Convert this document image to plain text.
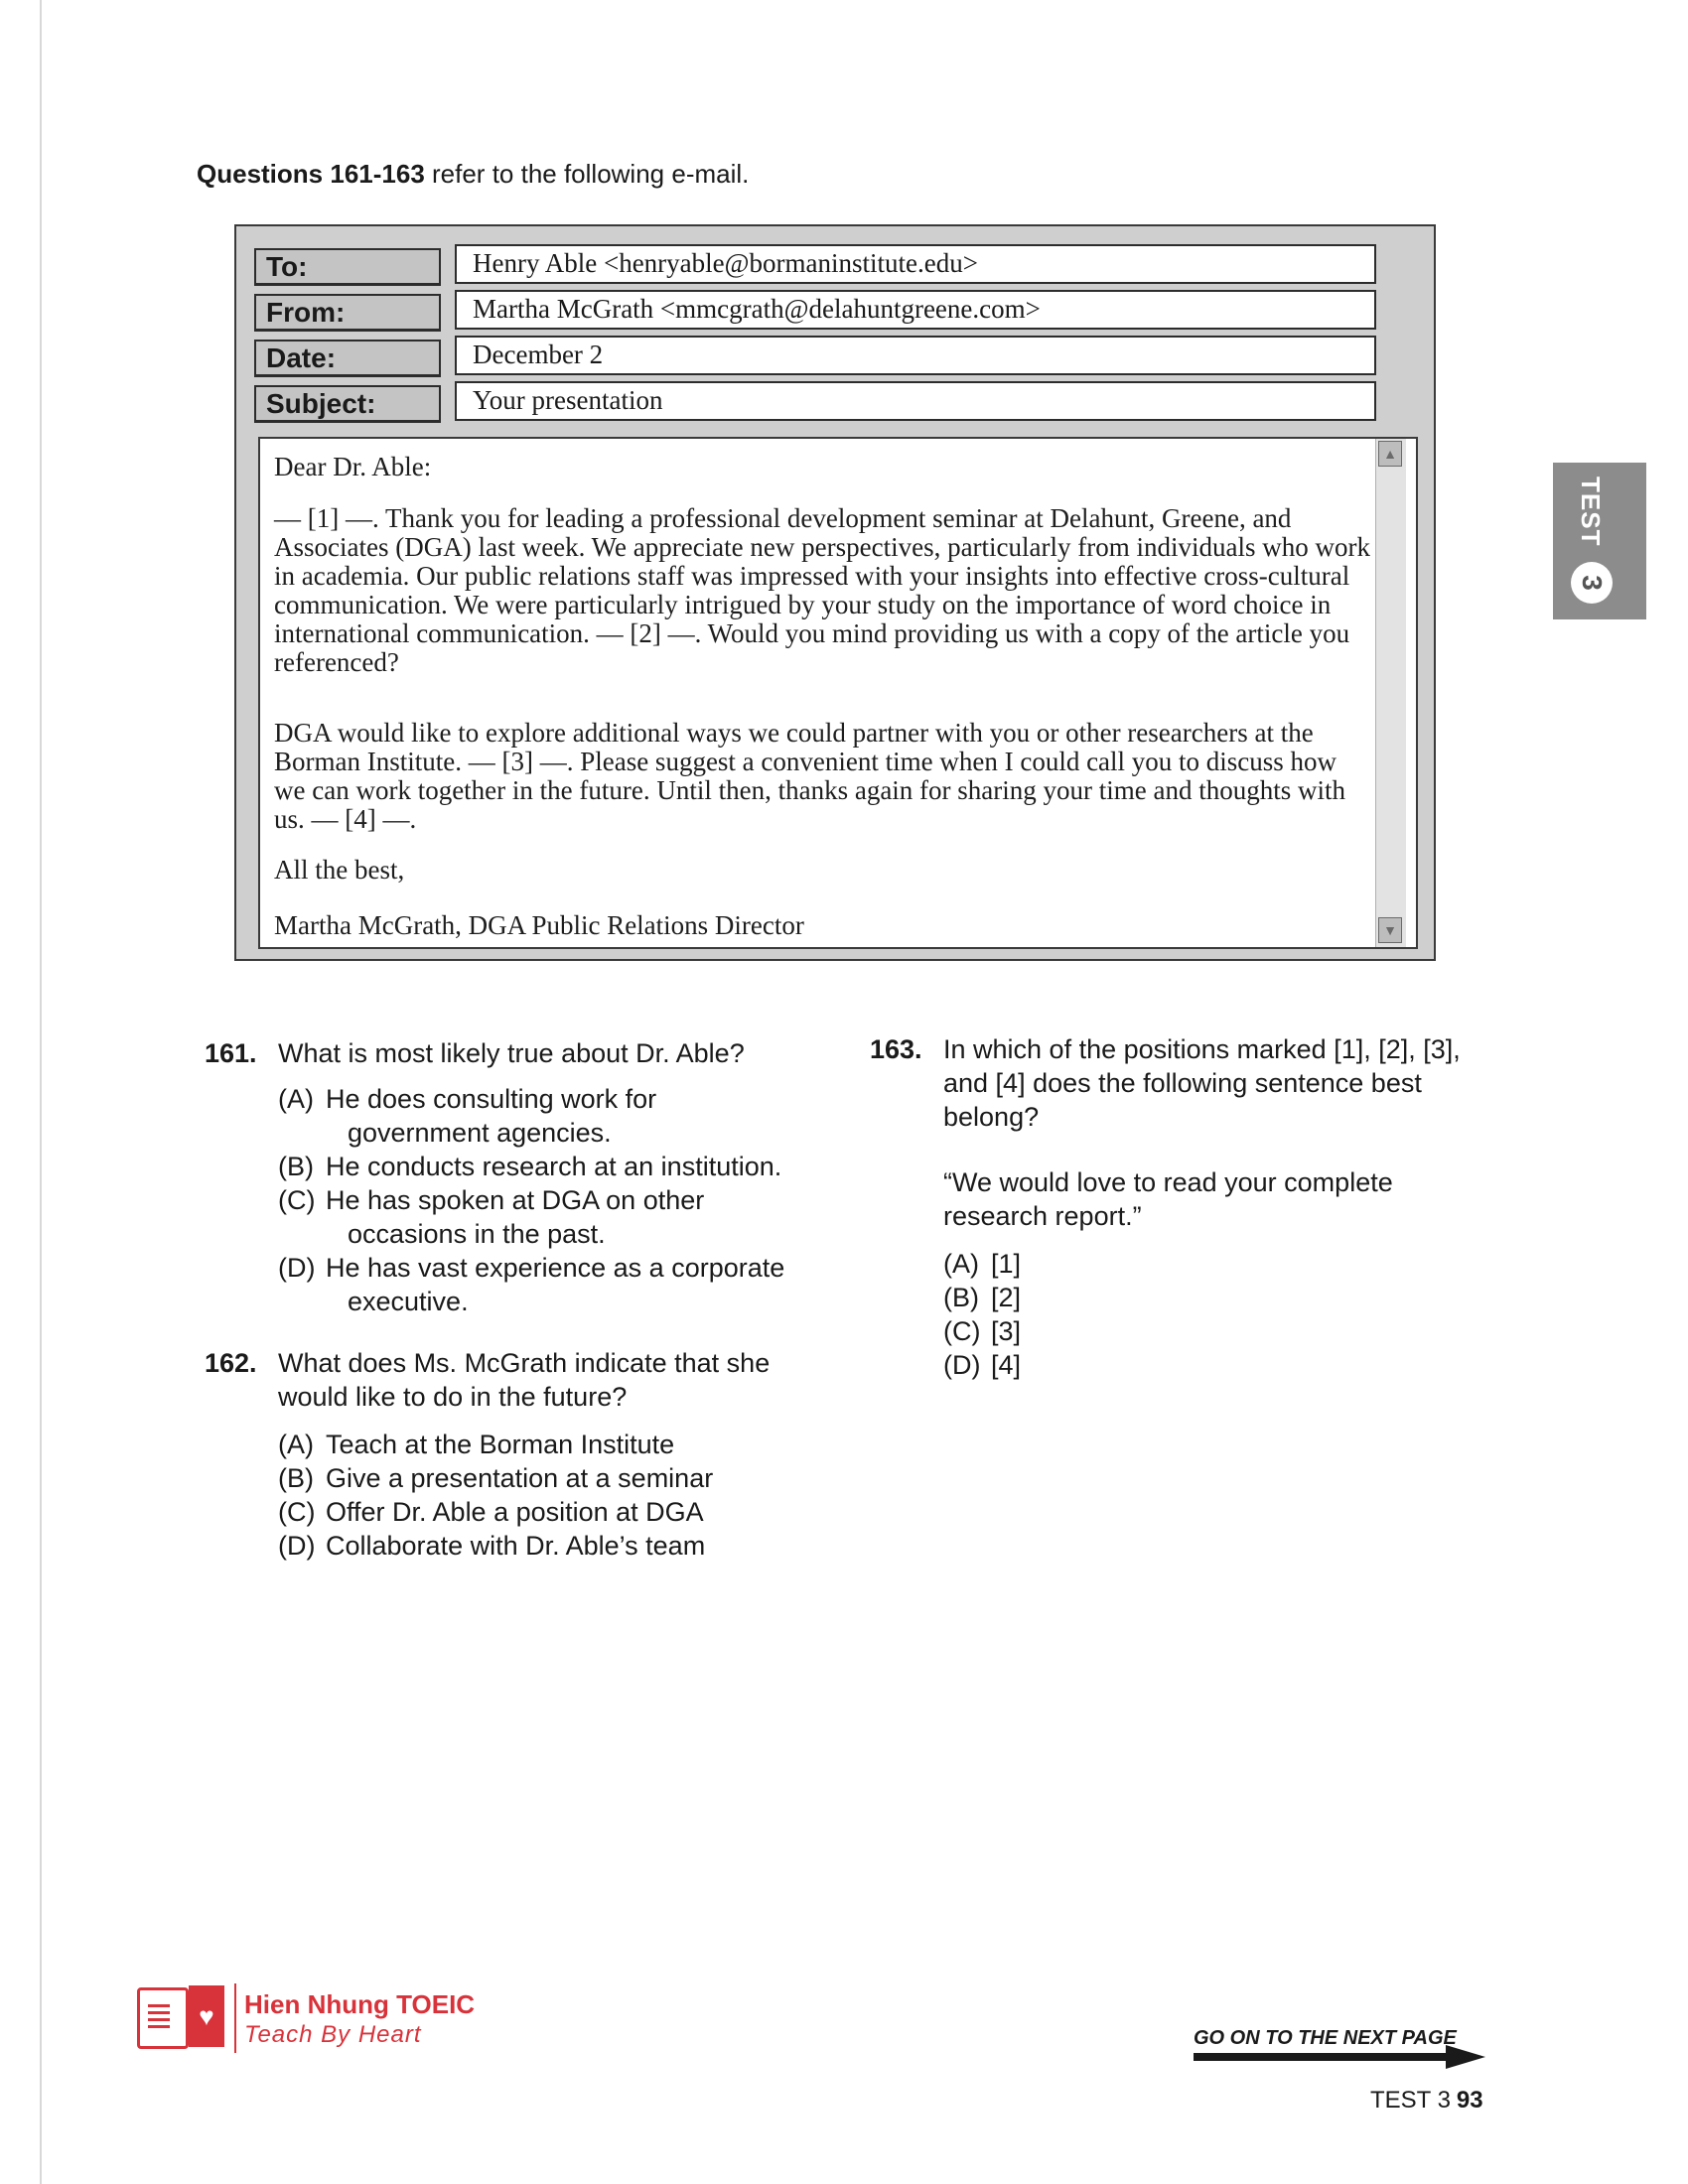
Questions 161-163 refer to the following e-mail.
To:	Henry Able <henryable@bormaninstitute.edu>
From:	Martha McGrath <mmcgrath@delahuntgreene.com>
Date:	December 2
Subject:	Your presentation

Dear Dr. Able:

— [1] —. Thank you for leading a professional development seminar at Delahunt, Greene, and Associates (DGA) last week. We appreciate new perspectives, particularly from individuals who work in academia. Our public relations staff was impressed with your insights into effective cross-cultural communication. We were particularly intrigued by your study on the importance of word choice in international communication. — [2] —. Would you mind providing us with a copy of the article you referenced?

DGA would like to explore additional ways we could partner with you or other researchers at the Borman Institute. — [3] —. Please suggest a convenient time when I could call you to discuss how we can work together in the future. Until then, thanks again for sharing your time and thoughts with us. — [4] —.

All the best,

Martha McGrath, DGA Public Relations Director

▲
▼
161. What is most likely true about Dr. Able?
(A) He does consulting work for
government agencies.
(B) He conducts research at an institution.
(C) He has spoken at DGA on other
occasions in the past.
(D) He has vast experience as a corporate
executive.
162. What does Ms. McGrath indicate that she
would like to do in the future?
(A) Teach at the Borman Institute
(B) Give a presentation at a seminar
(C) Offer Dr. Able a position at DGA
(D) Collaborate with Dr. Able’s team
163. In which of the positions marked [1], [2], [3],
and [4] does the following sentence best
belong?
“We would love to read your complete
research report.”
(A) [1]
(B) [2]
(C) [3]
(D) [4]
TEST
3
♥	Hien Nhung TOEIC
Teach By Heart	GO ON TO THE NEXT PAGE
TEST 3 93
